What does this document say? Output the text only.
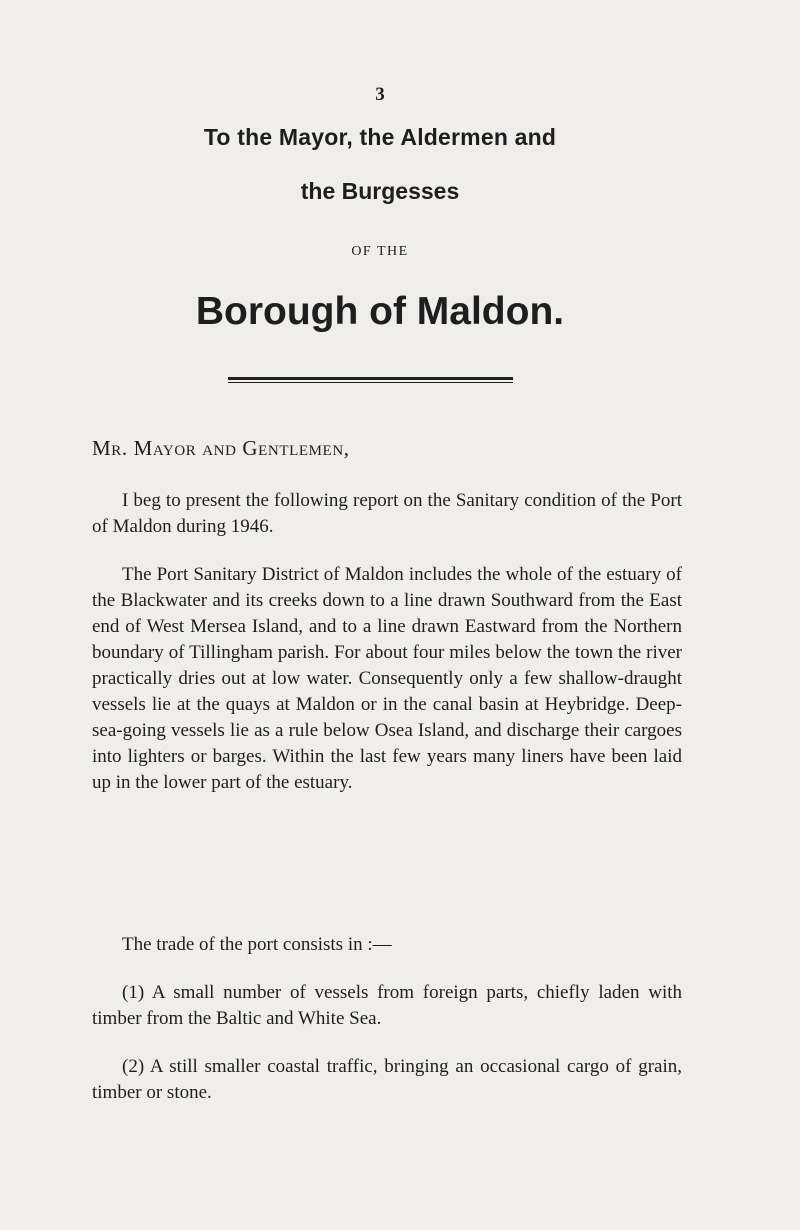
3
To the Mayor, the Aldermen and
the Burgesses
OF THE
Borough of Maldon.
Mr. Mayor and Gentlemen,

I beg to present the following report on the Sanitary condition of the Port of Maldon during 1946.

The Port Sanitary District of Maldon includes the whole of the estuary of the Blackwater and its creeks down to a line drawn Southward from the East end of West Mersea Island, and to a line drawn Eastward from the Northern boundary of Tillingham parish. For about four miles below the town the river practically dries out at low water. Consequently only a few shallow-draught vessels lie at the quays at Maldon or in the canal basin at Heybridge. Deep-sea-going vessels lie as a rule below Osea Island, and discharge their cargoes into lighters or barges. Within the last few years many liners have been laid up in the lower part of the estuary.

The trade of the port consists in :—

(1) A small number of vessels from foreign parts, chiefly laden with timber from the Baltic and White Sea.

(2) A still smaller coastal traffic, bringing an occasional cargo of grain, timber or stone.
